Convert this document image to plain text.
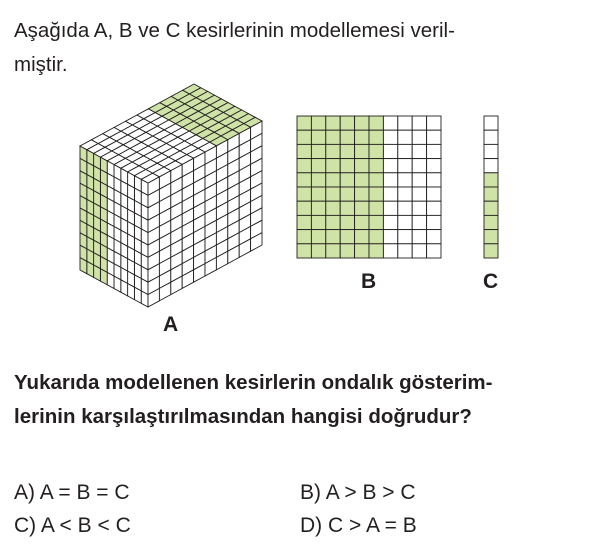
Aşağıda A, B ve C kesirlerinin modellemesi veril-
miştir.

A
B	C

Yukarıda modellenen kesirlerin ondalık gösterim-
lerinin karşılaştırılmasından hangisi doğrudur?

A) A = B = C	B) A > B > C
C) A < B < C	D) C > A = B
